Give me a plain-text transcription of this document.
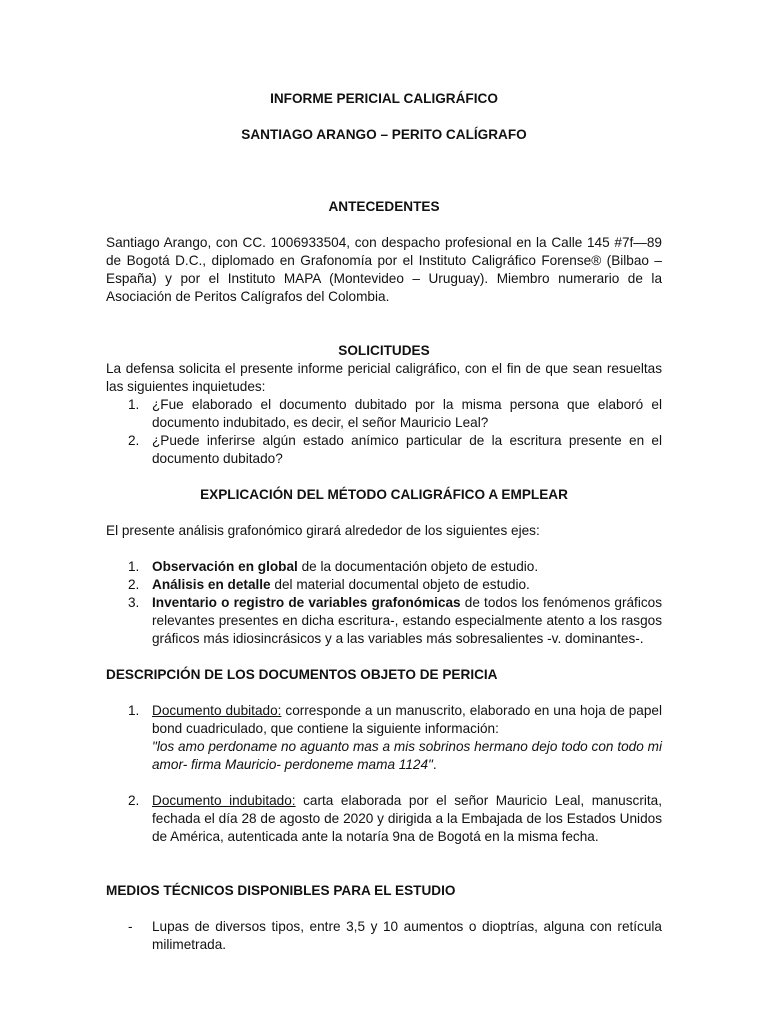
INFORME PERICIAL CALIGRÁFICO

SANTIAGO ARANGO – PERITO CALÍGRAFO

ANTECEDENTES

Santiago Arango, con CC. 1006933504, con despacho profesional en la Calle 145 #7f—89 de Bogotá D.C., diplomado en Grafonomía por el Instituto Caligráfico Forense® (Bilbao – España) y por el Instituto MAPA (Montevideo – Uruguay). Miembro numerario de la Asociación de Peritos Calígrafos del Colombia.

SOLICITUDES

La defensa solicita el presente informe pericial caligráfico, con el fin de que sean resueltas las siguientes inquietudes:

1. ¿Fue elaborado el documento dubitado por la misma persona que elaboró el documento indubitado, es decir, el señor Mauricio Leal?
2. ¿Puede inferirse algún estado anímico particular de la escritura presente en el documento dubitado?

EXPLICACIÓN DEL MÉTODO CALIGRÁFICO A EMPLEAR

El presente análisis grafonómico girará alrededor de los siguientes ejes:

1. Observación en global de la documentación objeto de estudio.
2. Análisis en detalle del material documental objeto de estudio.
3. Inventario o registro de variables grafonómicas de todos los fenómenos gráficos relevantes presentes en dicha escritura-, estando especialmente atento a los rasgos gráficos más idiosincrásicos y a las variables más sobresalientes -v. dominantes-.

DESCRIPCIÓN DE LOS DOCUMENTOS OBJETO DE PERICIA

1. Documento dubitado: corresponde a un manuscrito, elaborado en una hoja de papel bond cuadriculado, que contiene la siguiente información:
"los amo perdoname no aguanto mas a mis sobrinos hermano dejo todo con todo mi amor- firma Mauricio- perdoneme mama 1124".
2. Documento indubitado: carta elaborada por el señor Mauricio Leal, manuscrita, fechada el día 28 de agosto de 2020 y dirigida a la Embajada de los Estados Unidos de América, autenticada ante la notaría 9na de Bogotá en la misma fecha.

MEDIOS TÉCNICOS DISPONIBLES PARA EL ESTUDIO

- Lupas de diversos tipos, entre 3,5 y 10 aumentos o dioptrías, alguna con retícula milimetrada.
